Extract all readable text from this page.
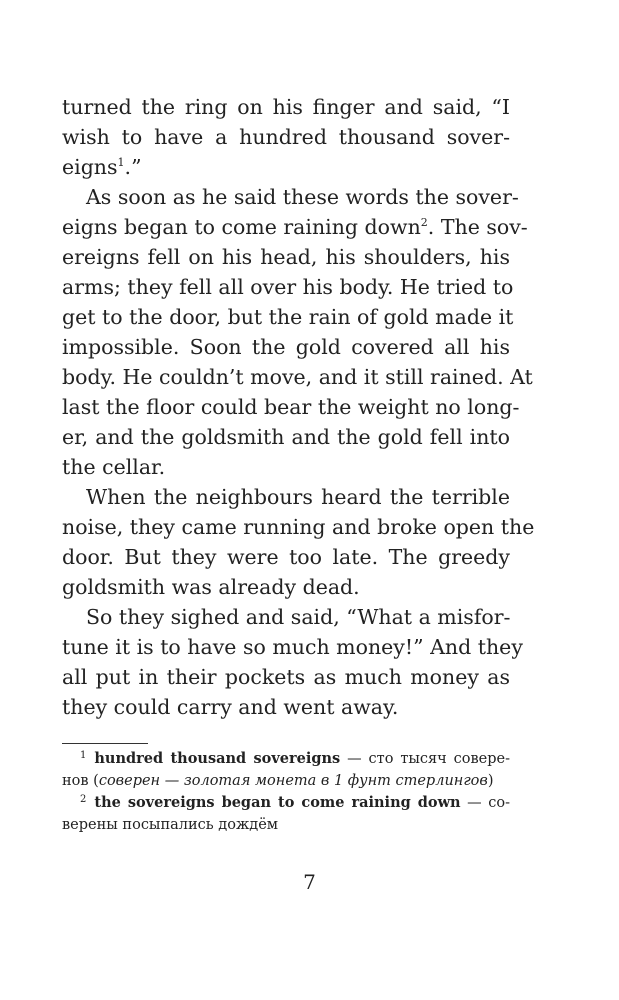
turned the ring on his finger and said, “I
wish to have a hundred thousand sover-
eigns$^1$.”

As soon as he said these words the sover-
eigns began to come raining down$^2$. The sov-
ereigns fell on his head, his shoulders, his
arms; they fell all over his body. He tried to
get to the door, but the rain of gold made it
impossible. Soon the gold covered all his
body. He couldn’t move, and it still rained. At
last the floor could bear the weight no long-
er, and the goldsmith and the gold fell into
the cellar.

When the neighbours heard the terrible
noise, they came running and broke open the
door. But they were too late. The greedy
goldsmith was already dead.

So they sighed and said, “What a misfor-
tune it is to have so much money!” And they
all put in their pockets as much money as
they could carry and went away.

$^1$ hundred thousand sovereigns — сто тысяч совере-
нов (соверен — золотая монета в 1 фунт стерлингов)
$^2$ the sovereigns began to come raining down — со-
верены посыпались дождём
7
